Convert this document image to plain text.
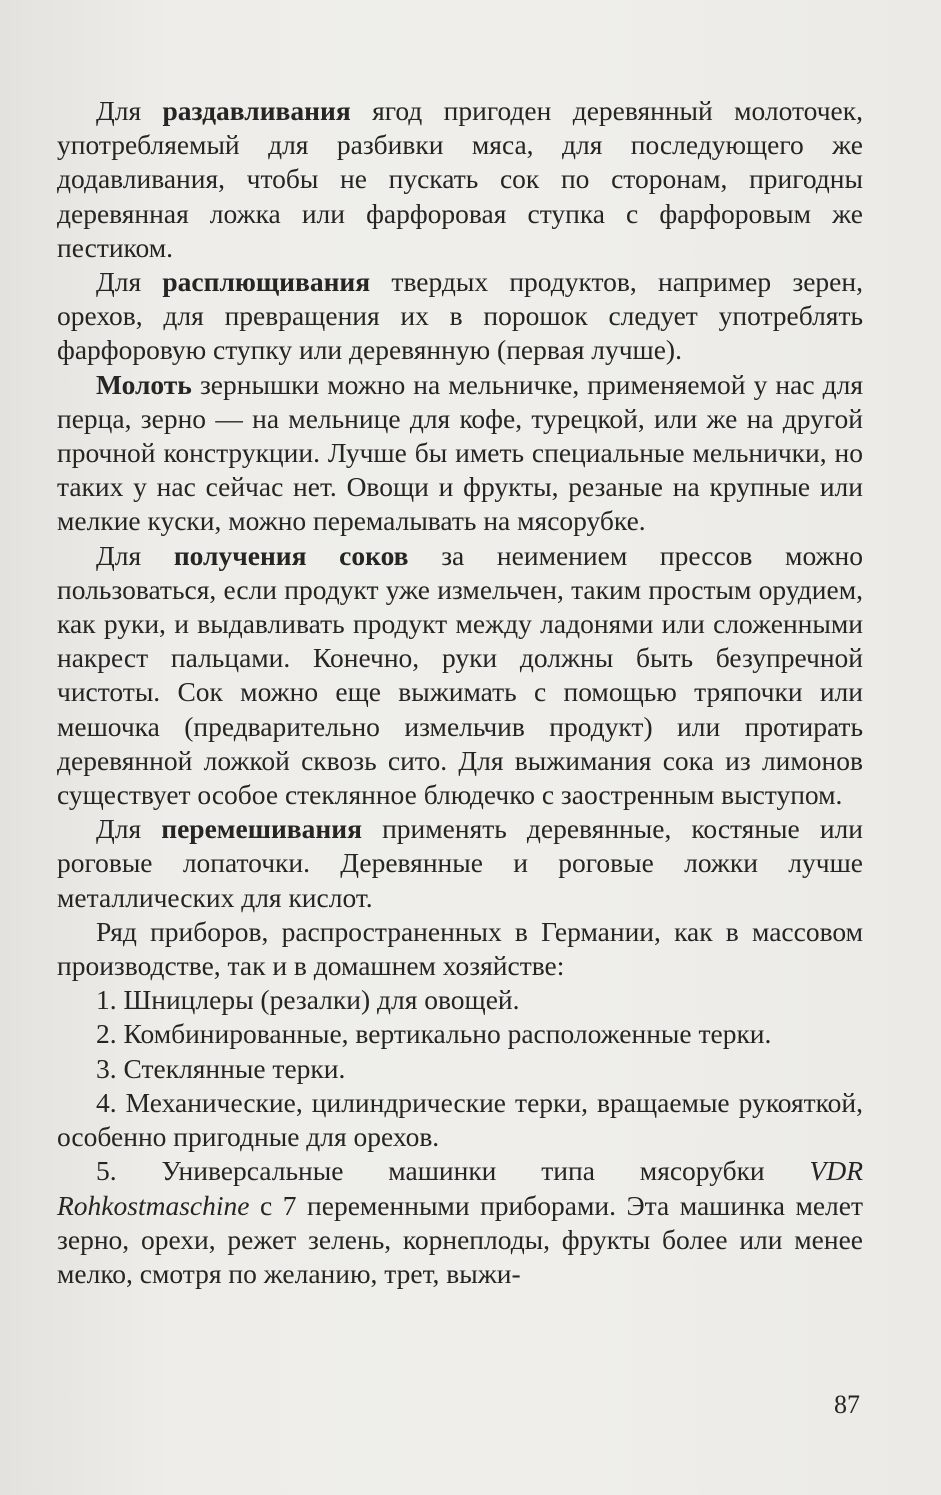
Для раздавливания ягод пригоден деревянный молоточек, употребляемый для разбивки мяса, для последующего же додавливания, чтобы не пускать сок по сторонам, пригодны деревянная ложка или фарфоровая ступка с фарфоровым же пестиком.

Для расплющивания твердых продуктов, например зерен, орехов, для превращения их в порошок следует употреблять фарфоровую ступку или деревянную (первая лучше).

Молоть зернышки можно на мельничке, применяемой у нас для перца, зерно — на мельнице для кофе, турецкой, или же на другой прочной конструкции. Лучше бы иметь специальные мельнички, но таких у нас сейчас нет. Овощи и фрукты, резаные на крупные или мелкие куски, можно перемалывать на мясорубке.

Для получения соков за неимением прессов можно пользоваться, если продукт уже измельчен, таким простым орудием, как руки, и выдавливать продукт между ладонями или сложенными накрест пальцами. Конечно, руки должны быть безупречной чистоты. Сок можно еще выжимать с помощью тряпочки или мешочка (предварительно измельчив продукт) или протирать деревянной ложкой сквозь сито. Для выжимания сока из лимонов существует особое стеклянное блюдечко с заостренным выступом.

Для перемешивания применять деревянные, костяные или роговые лопаточки. Деревянные и роговые ложки лучше металлических для кислот.

Ряд приборов, распространенных в Германии, как в массовом производстве, так и в домашнем хозяйстве:

1. Шницлеры (резалки) для овощей.

2. Комбинированные, вертикально расположенные терки.

3. Стеклянные терки.

4. Механические, цилиндрические терки, вращаемые рукояткой, особенно пригодные для орехов.

5. Универсальные машинки типа мясорубки VDR Rohkostmaschine с 7 переменными приборами. Эта машинка мелет зерно, орехи, режет зелень, корнеплоды, фрукты более или менее мелко, смотря по желанию, трет, выжи-

87
